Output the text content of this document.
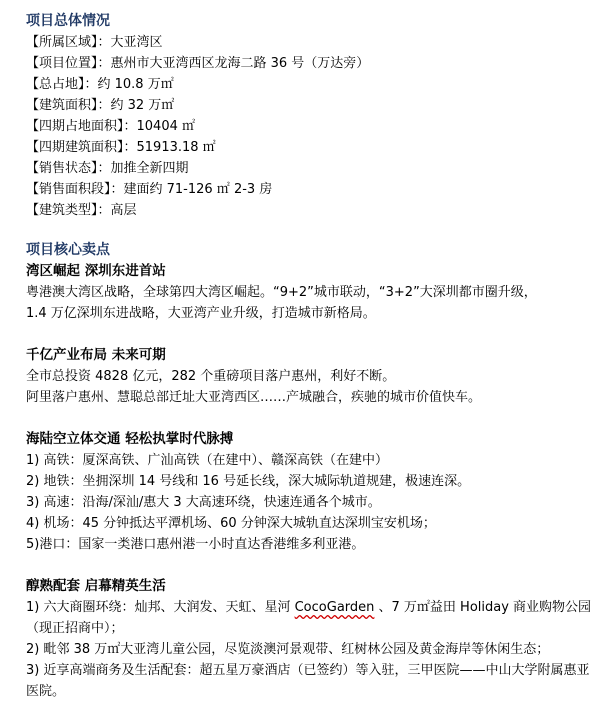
项目总体情况
【所属区域】：大亚湾区
【项目位置】：惠州市大亚湾西区龙海二路 36 号（万达旁）
【总占地】：约 10.8 万㎡
【建筑面积】：约 32 万㎡
【四期占地面积】：10404 ㎡
【四期建筑面积】：51913.18 ㎡
【销售状态】：加推全新四期
【销售面积段】：建面约 71-126 ㎡ 2-3 房
【建筑类型】：高层
项目核心卖点
湾区崛起 深圳东进首站
粤港澳大湾区战略，全球第四大湾区崛起。“9+2”城市联动，“3+2”大深圳都市圈升级，
1.4 万亿深圳东进战略，大亚湾产业升级，打造城市新格局。
千亿产业布局 未来可期
全市总投资 4828 亿元，282 个重磅项目落户惠州，利好不断。
阿里落户惠州、慧聪总部迁址大亚湾西区……产城融合，疾驰的城市价值快车。
海陆空立体交通 轻松执掌时代脉搏
1) 高铁：厦深高铁、广汕高铁（在建中）、赣深高铁（在建中）
2) 地铁：坐拥深圳 14 号线和 16 号延长线，深大城际轨道规建，极速连深。
3) 高速：沿海/深汕/惠大 3 大高速环绕，快速连通各个城市。
4) 机场：45 分钟抵达平潭机场、60 分钟深大城轨直达深圳宝安机场；
5)港口：国家一类港口惠州港一小时直达香港维多利亚港。
醇熟配套 启幕精英生活
1) 六大商圈环绕：灿邦、大润发、天虹、星河 CocoGarden 、7 万㎡益田 Holiday 商业购物公园（现正招商中）；
2) 毗邻 38 万㎡大亚湾儿童公园，尽览淡澳河景观带、红树林公园及黄金海岸等休闲生态；
3) 近享高端商务及生活配套：超五星万豪酒店（已签约）等入驻，三甲医院——中山大学附属惠亚医院。
